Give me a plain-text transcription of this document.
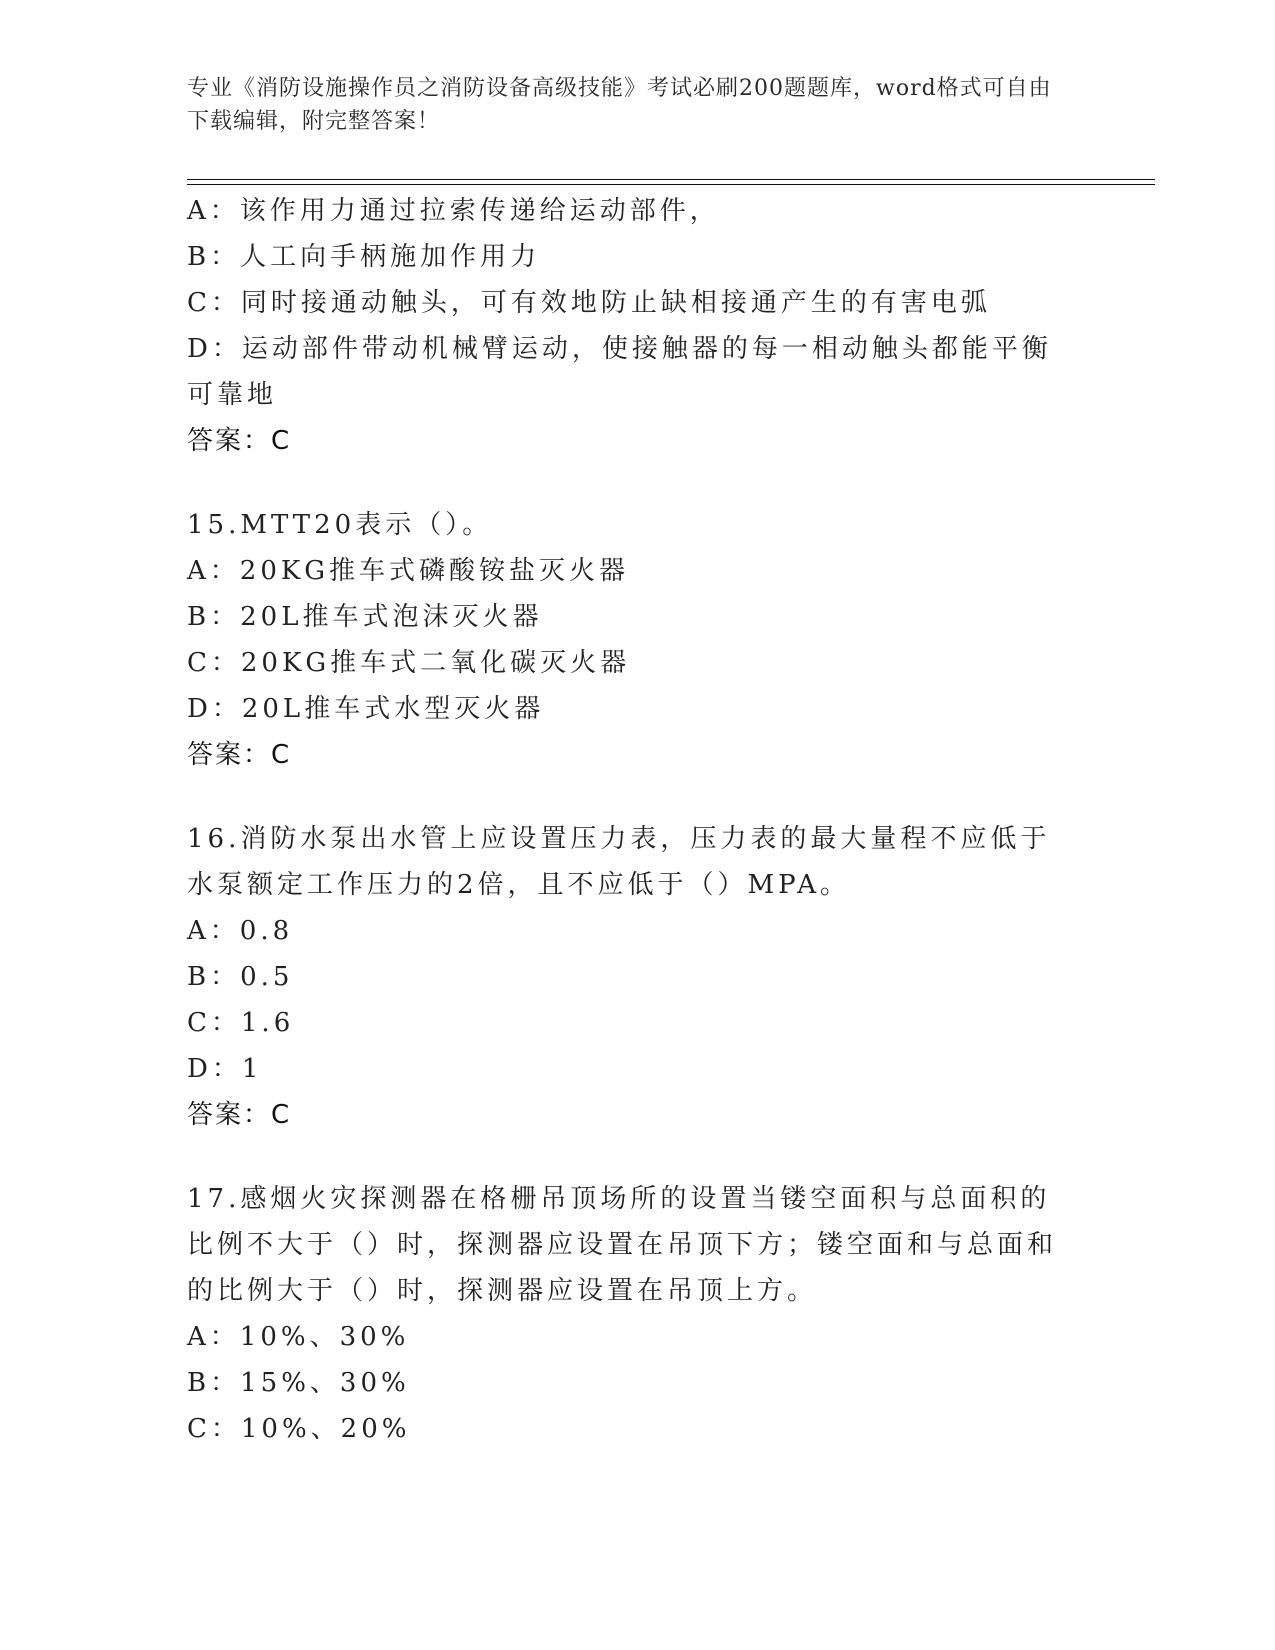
专业《消防设施操作员之消防设备高级技能》考试必刷200题题库，word格式可自由下载编辑，附完整答案！
A：该作用力通过拉索传递给运动部件，
B：人工向手柄施加作用力
C：同时接通动触头，可有效地防止缺相接通产生的有害电弧
D：运动部件带动机械臂运动，使接触器的每一相动触头都能平衡可靠地
答案：C
15.MTT20表示（）。
A：20KG推车式磷酸铵盐灭火器
B：20L推车式泡沫灭火器
C：20KG推车式二氧化碳灭火器
D：20L推车式水型灭火器
答案：C
16.消防水泵出水管上应设置压力表，压力表的最大量程不应低于水泵额定工作压力的2倍，且不应低于（）MPA。
A：0.8
B：0.5
C：1.6
D：1
答案：C
17.感烟火灾探测器在格栅吊顶场所的设置当镂空面积与总面积的比例不大于（）时，探测器应设置在吊顶下方；镂空面和与总面和的比例大于（）时，探测器应设置在吊顶上方。
A：10%、30%
B：15%、30%
C：10%、20%
